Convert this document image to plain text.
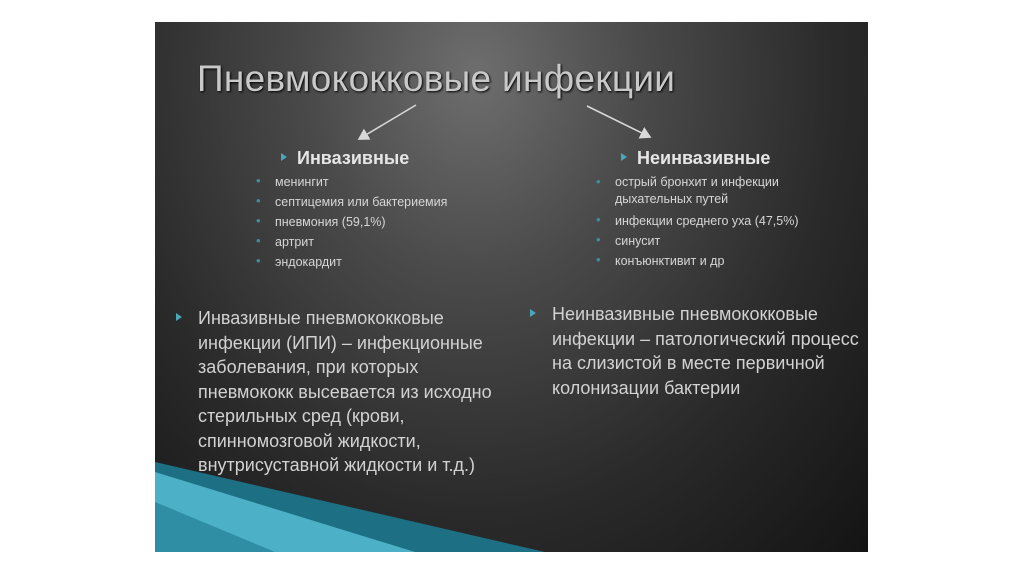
Пневмококковые инфекции
Инвазивные	Неинвазивные
• менингит
• септицемия или бактериемия
• пневмония (59,1%)
• артрит
• эндокардит
• острый бронхит и инфекции дыхательных путей
• инфекции среднего уха (47,5%)
• синусит
• конъюнктивит и др
Инвазивные пневмококковые инфекции (ИПИ) – инфекционные заболевания, при которых пневмококк высевается из исходно стерильных сред (крови, спинномозговой жидкости, внутрисуставной жидкости и т.д.)
Неинвазивные пневмококковые инфекции – патологический процесс на слизистой в месте первичной колонизации бактерии
